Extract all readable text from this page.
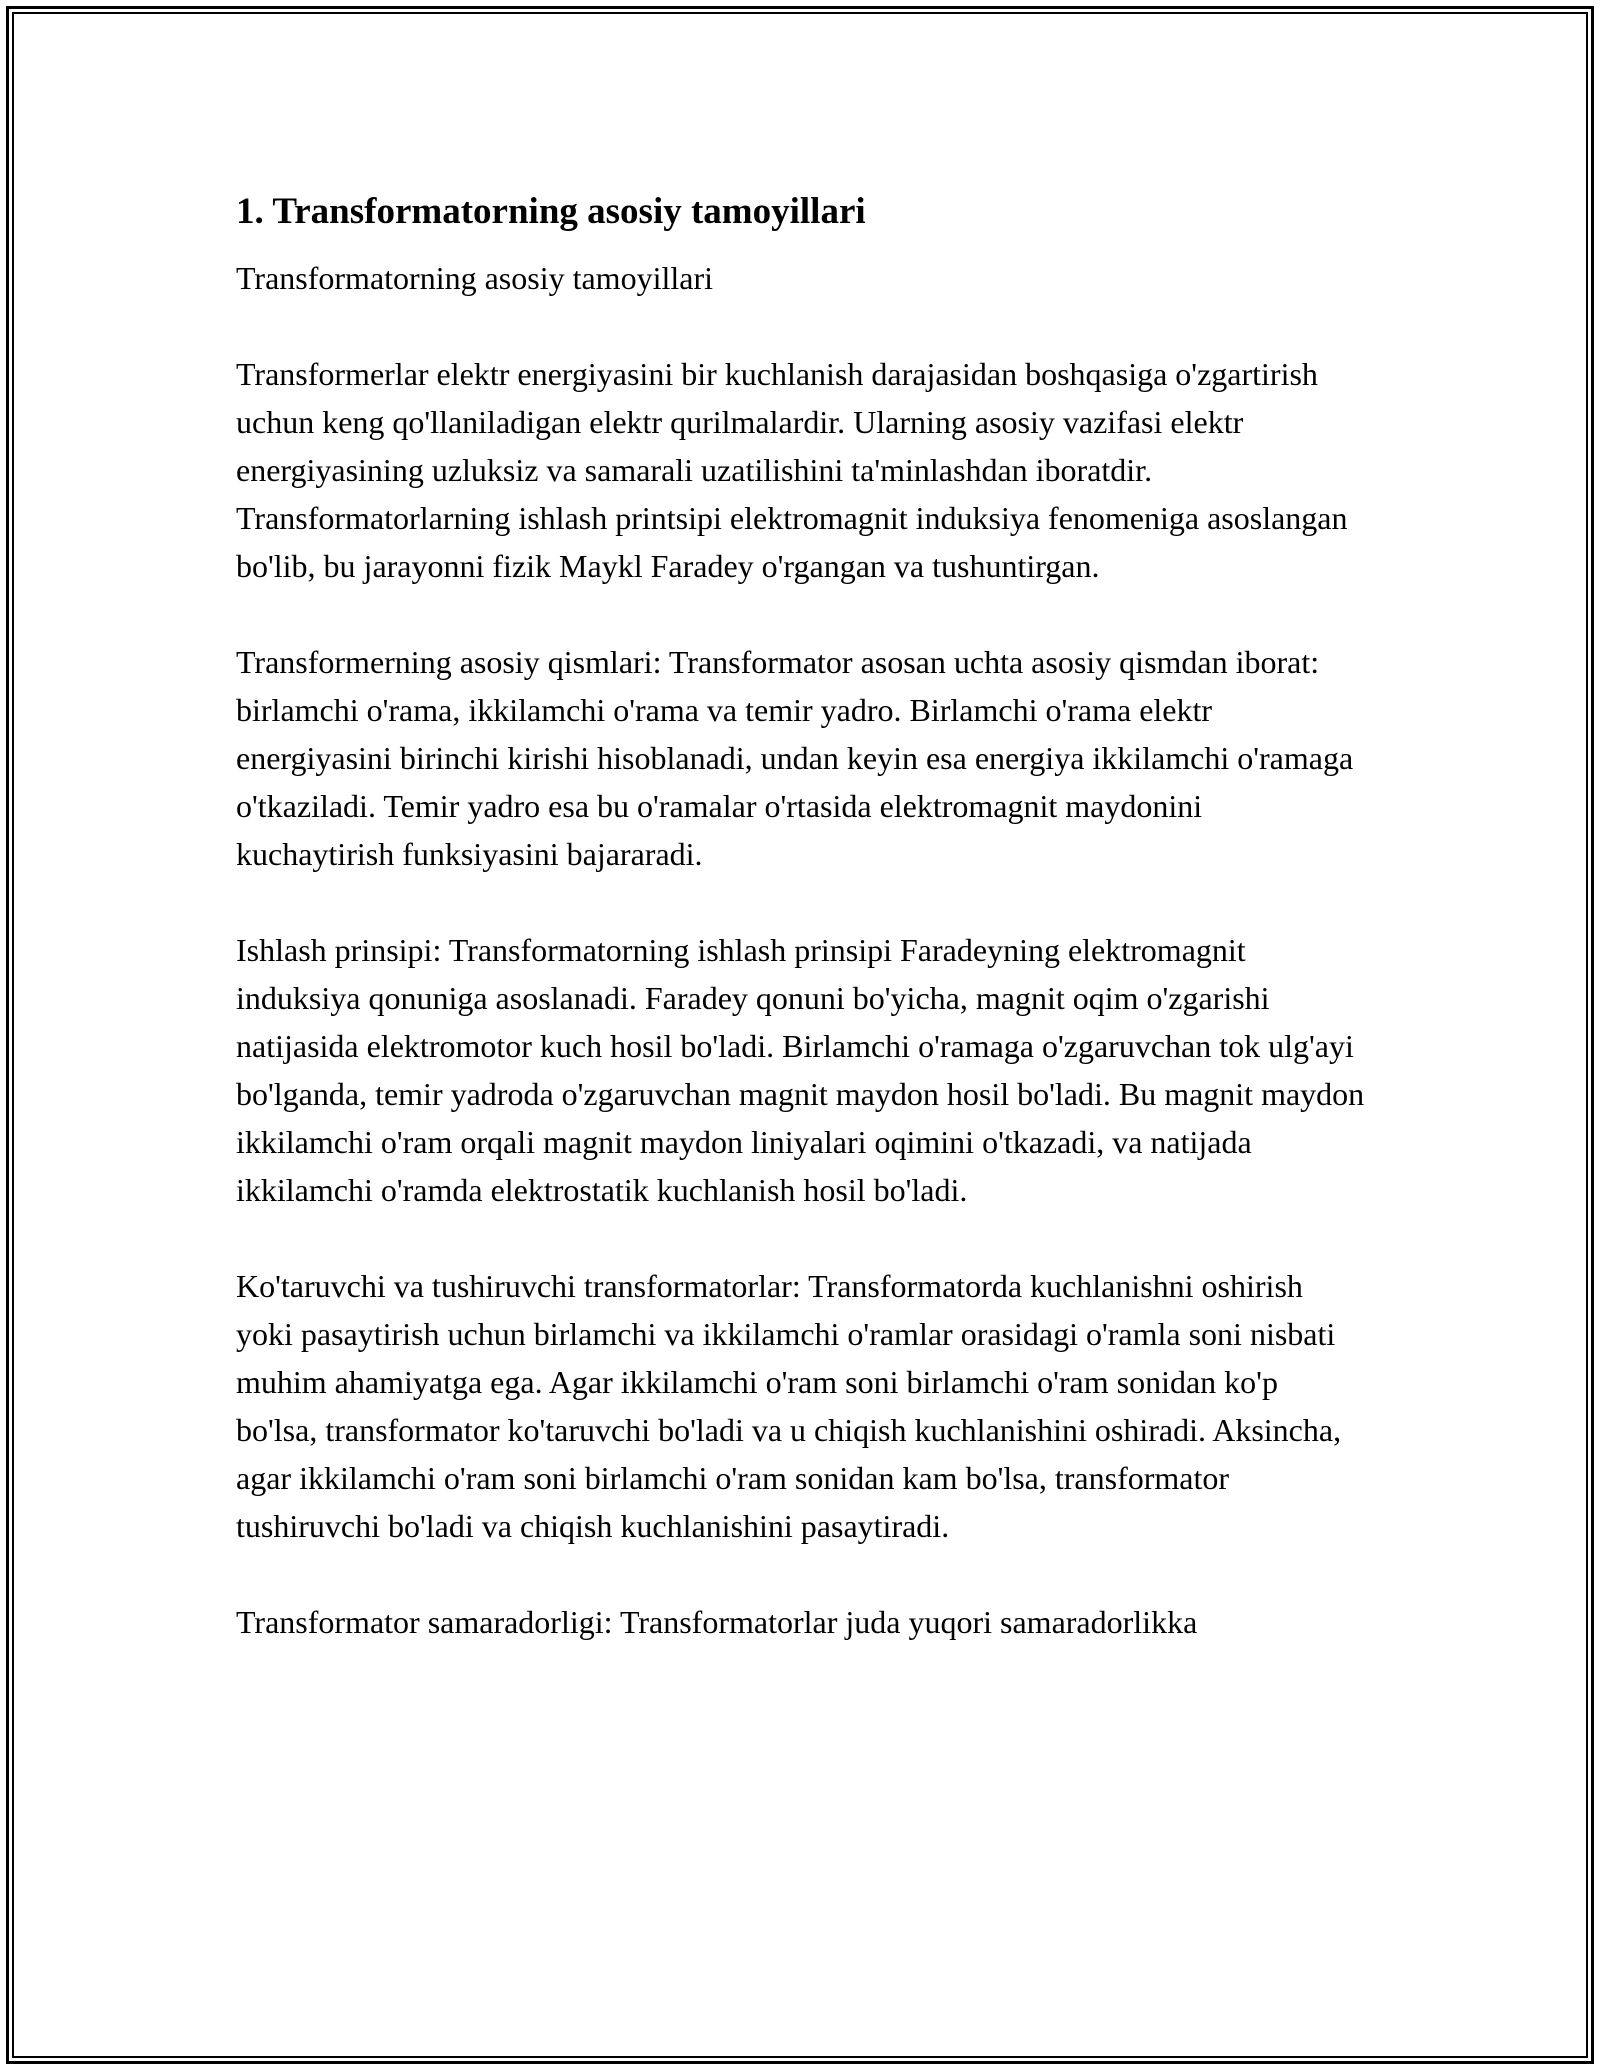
1. Transformatorning asosiy tamoyillari

Transformatorning asosiy tamoyillari

Transformerlar elektr energiyasini bir kuchlanish darajasidan boshqasiga o'zgartirish uchun keng qo'llaniladigan elektr qurilmalardir. Ularning asosiy vazifasi elektr energiyasining uzluksiz va samarali uzatilishini ta'minlashdan iboratdir. Transformatorlarning ishlash printsipi elektromagnit induksiya fenomeniga asoslangan bo'lib, bu jarayonni fizik Maykl Faradey o'rgangan va tushuntirgan.

Transformerning asosiy qismlari: Transformator asosan uchta asosiy qismdan iborat: birlamchi o'rama, ikkilamchi o'rama va temir yadro. Birlamchi o'rama elektr energiyasini birinchi kirishi hisoblanadi, undan keyin esa energiya ikkilamchi o'ramaga o'tkaziladi. Temir yadro esa bu o'ramalar o'rtasida elektromagnit maydonini kuchaytirish funksiyasini bajararadi.

Ishlash prinsipi: Transformatorning ishlash prinsipi Faradeyning elektromagnit induksiya qonuniga asoslanadi. Faradey qonuni bo'yicha, magnit oqim o'zgarishi natijasida elektromotor kuch hosil bo'ladi. Birlamchi o'ramaga o'zgaruvchan tok ulg'ayi bo'lganda, temir yadroda o'zgaruvchan magnit maydon hosil bo'ladi. Bu magnit maydon ikkilamchi o'ram orqali magnit maydon liniyalari oqimini o'tkazadi, va natijada ikkilamchi o'ramda elektrostatik kuchlanish hosil bo'ladi.

Ko'taruvchi va tushiruvchi transformatorlar: Transformatorda kuchlanishni oshirish yoki pasaytirish uchun birlamchi va ikkilamchi o'ramlar orasidagi o'ramla soni nisbati muhim ahamiyatga ega. Agar ikkilamchi o'ram soni birlamchi o'ram sonidan ko'p bo'lsa, transformator ko'taruvchi bo'ladi va u chiqish kuchlanishini oshiradi. Aksincha, agar ikkilamchi o'ram soni birlamchi o'ram sonidan kam bo'lsa, transformator tushiruvchi bo'ladi va chiqish kuchlanishini pasaytiradi.

Transformator samaradorligi: Transformatorlar juda yuqori samaradorlikka
